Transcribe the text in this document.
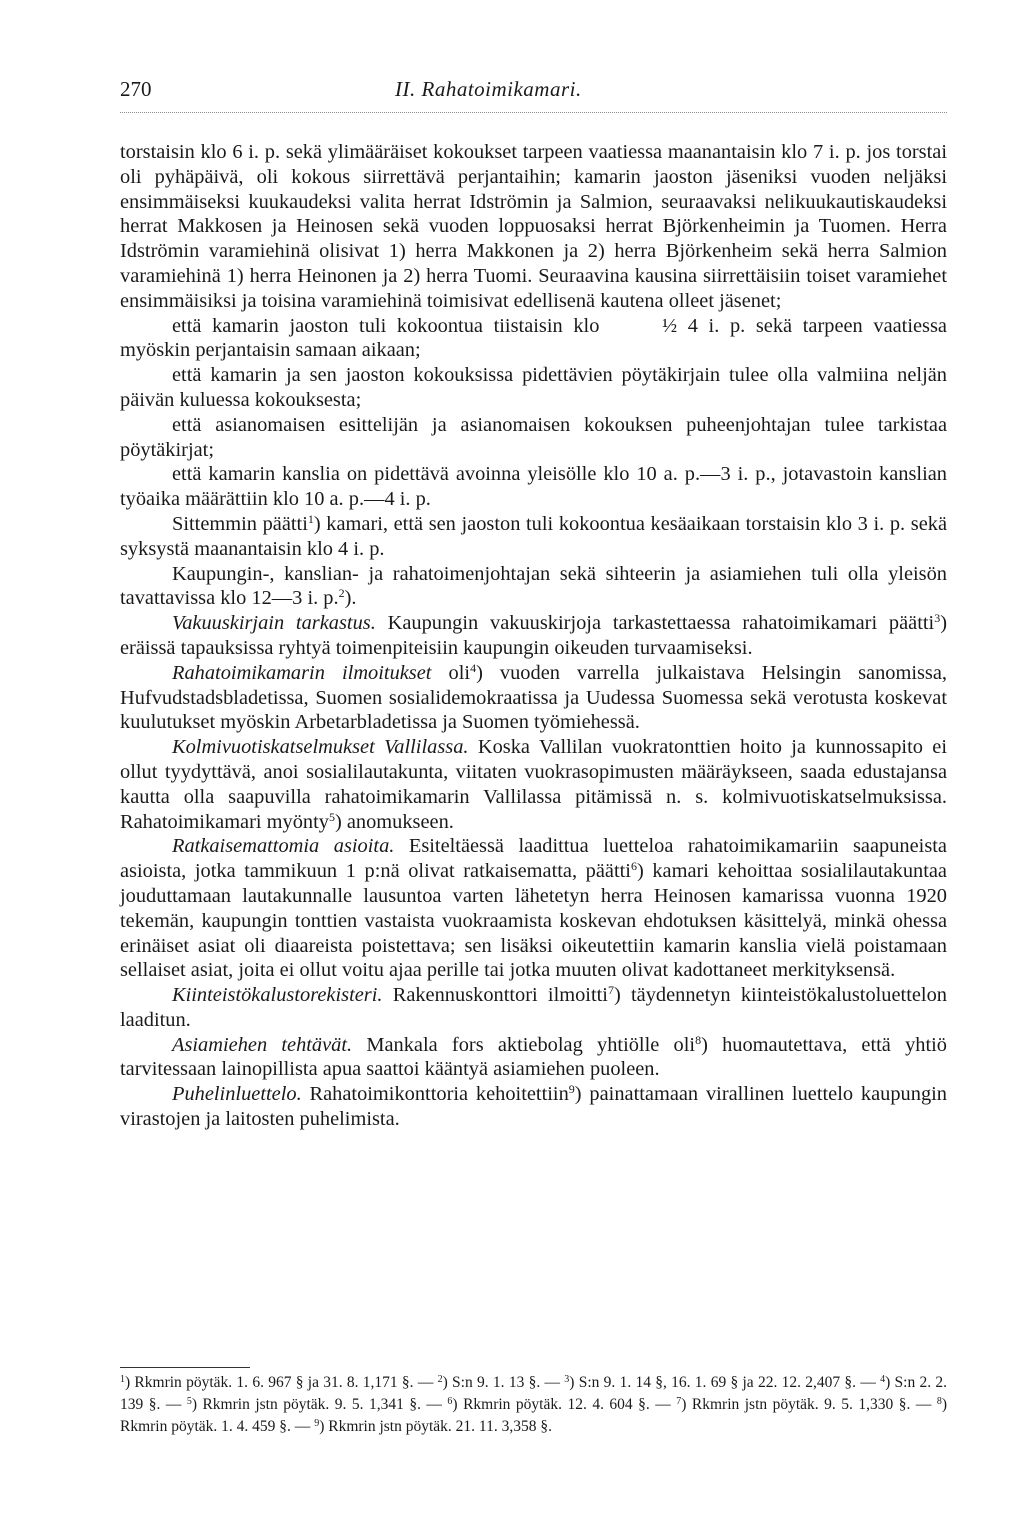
270	II. Rahatoimikamari.

torstaisin klo 6 i. p. sekä ylimääräiset kokoukset tarpeen vaatiessa maanantaisin klo 7 i. p. jos torstai oli pyhäpäivä, oli kokous siirrettävä perjantaihin; kamarin jaoston jäseniksi vuoden neljäksi ensimmäiseksi kuukaudeksi valita herrat Idströmin ja Salmion, seuraavaksi nelikuukautiskaudeksi herrat Makkosen ja Heinosen sekä vuoden loppuosaksi herrat Björkenheimin ja Tuomen. Herra Idströmin varamiehinä olisivat 1) herra Makkonen ja 2) herra Björkenheim sekä herra Salmion varamiehinä 1) herra Heinonen ja 2) herra Tuomi. Seuraavina kausina siirrettäisiin toiset varamiehet ensimmäisiksi ja toisina varamiehinä toimisivat edellisenä kautena olleet jäsenet;

että kamarin jaoston tuli kokoontua tiistaisin klo	½ 4 i. p. sekä tarpeen vaatiessa myöskin perjantaisin samaan aikaan;

että kamarin ja sen jaoston kokouksissa pidettävien pöytäkirjain tulee olla valmiina neljän päivän kuluessa kokouksesta;

että asianomaisen esittelijän ja asianomaisen kokouksen puheenjohtajan tulee tarkistaa pöytäkirjat;

että kamarin kanslia on pidettävä avoinna yleisölle klo 10 a. p.—3 i. p., jotavastoin kanslian työaika määrättiin klo 10 a. p.—4 i. p.

Sittemmin päätti$^1$) kamari, että sen jaoston tuli kokoontua kesäaikaan torstaisin klo 3 i. p. sekä syksystä maanantaisin klo 4 i. p.

Kaupungin-, kanslian- ja rahatoimenjohtajan sekä sihteerin ja asiamiehen tuli olla yleisön tavattavissa klo 12—3 i. p.$^2$).

Vakuuskirjain tarkastus. Kaupungin vakuuskirjoja tarkastettaessa rahatoimikamari päätti$^3$) eräissä tapauksissa ryhtyä toimenpiteisiin kaupungin oikeuden turvaamiseksi.

Rahatoimikamarin ilmoitukset oli$^4$) vuoden varrella julkaistava Helsingin sanomissa, Hufvudstadsbladetissa, Suomen sosialidemokraatissa ja Uudessa Suomessa sekä verotusta koskevat kuulutukset myöskin Arbetarbladetissa ja Suomen työmiehessä.

Kolmivuotiskatselmukset Vallilassa. Koska Vallilan vuokratonttien hoito ja kunnossapito ei ollut tyydyttävä, anoi sosialilautakunta, viitaten vuokrasopimusten määräykseen, saada edustajansa kautta olla saapuvilla rahatoimikamarin Vallilassa pitämissä n. s. kolmivuotiskatselmuksissa. Rahatoimikamari myönty$^5$) anomukseen.

Ratkaisemattomia asioita. Esiteltäessä laadittua luetteloa rahatoimikamariin saapuneista asioista, jotka tammikuun 1 p:nä olivat ratkaisematta, päätti$^6$) kamari kehoittaa sosialilautakuntaa jouduttamaan lautakunnalle lausuntoa varten lähetetyn herra Heinosen kamarissa vuonna 1920 tekemän, kaupungin tonttien vastaista vuokraamista koskevan ehdotuksen käsittelyä, minkä ohessa erinäiset asiat oli diaareista poistettava; sen lisäksi oikeutettiin kamarin kanslia vielä poistamaan sellaiset asiat, joita ei ollut voitu ajaa perille tai jotka muuten olivat kadottaneet merkityksensä.

Kiinteistökalustorekisteri. Rakennuskonttori ilmoitti$^7$) täydennetyn kiinteistökalustoluettelon laaditun.

Asiamiehen tehtävät. Mankala fors aktiebolag yhtiölle oli$^8$) huomautettava, että yhtiö tarvitessaan lainopillista apua saattoi kääntyä asiamiehen puoleen.

Puhelinluettelo. Rahatoimikonttoria kehoitettiin$^9$) painattamaan virallinen luettelo kaupungin virastojen ja laitosten puhelimista.

$^1$) Rkmrin pöytäk. 1. 6. 967 § ja 31. 8. 1,171 §. — $^2$) S:n 9. 1. 13 §. — $^3$) S:n 9. 1. 14 §, 16. 1. 69 § ja 22. 12. 2,407 §. — $^4$) S:n 2. 2. 139 §. — $^5$) Rkmrin jstn pöytäk. 9. 5. 1,341 §. — $^6$) Rkmrin pöytäk. 12. 4. 604 §. — $^7$) Rkmrin jstn pöytäk. 9. 5. 1,330 §. — $^8$) Rkmrin pöytäk. 1. 4. 459 §. — $^9$) Rkmrin jstn pöytäk. 21. 11. 3,358 §.
